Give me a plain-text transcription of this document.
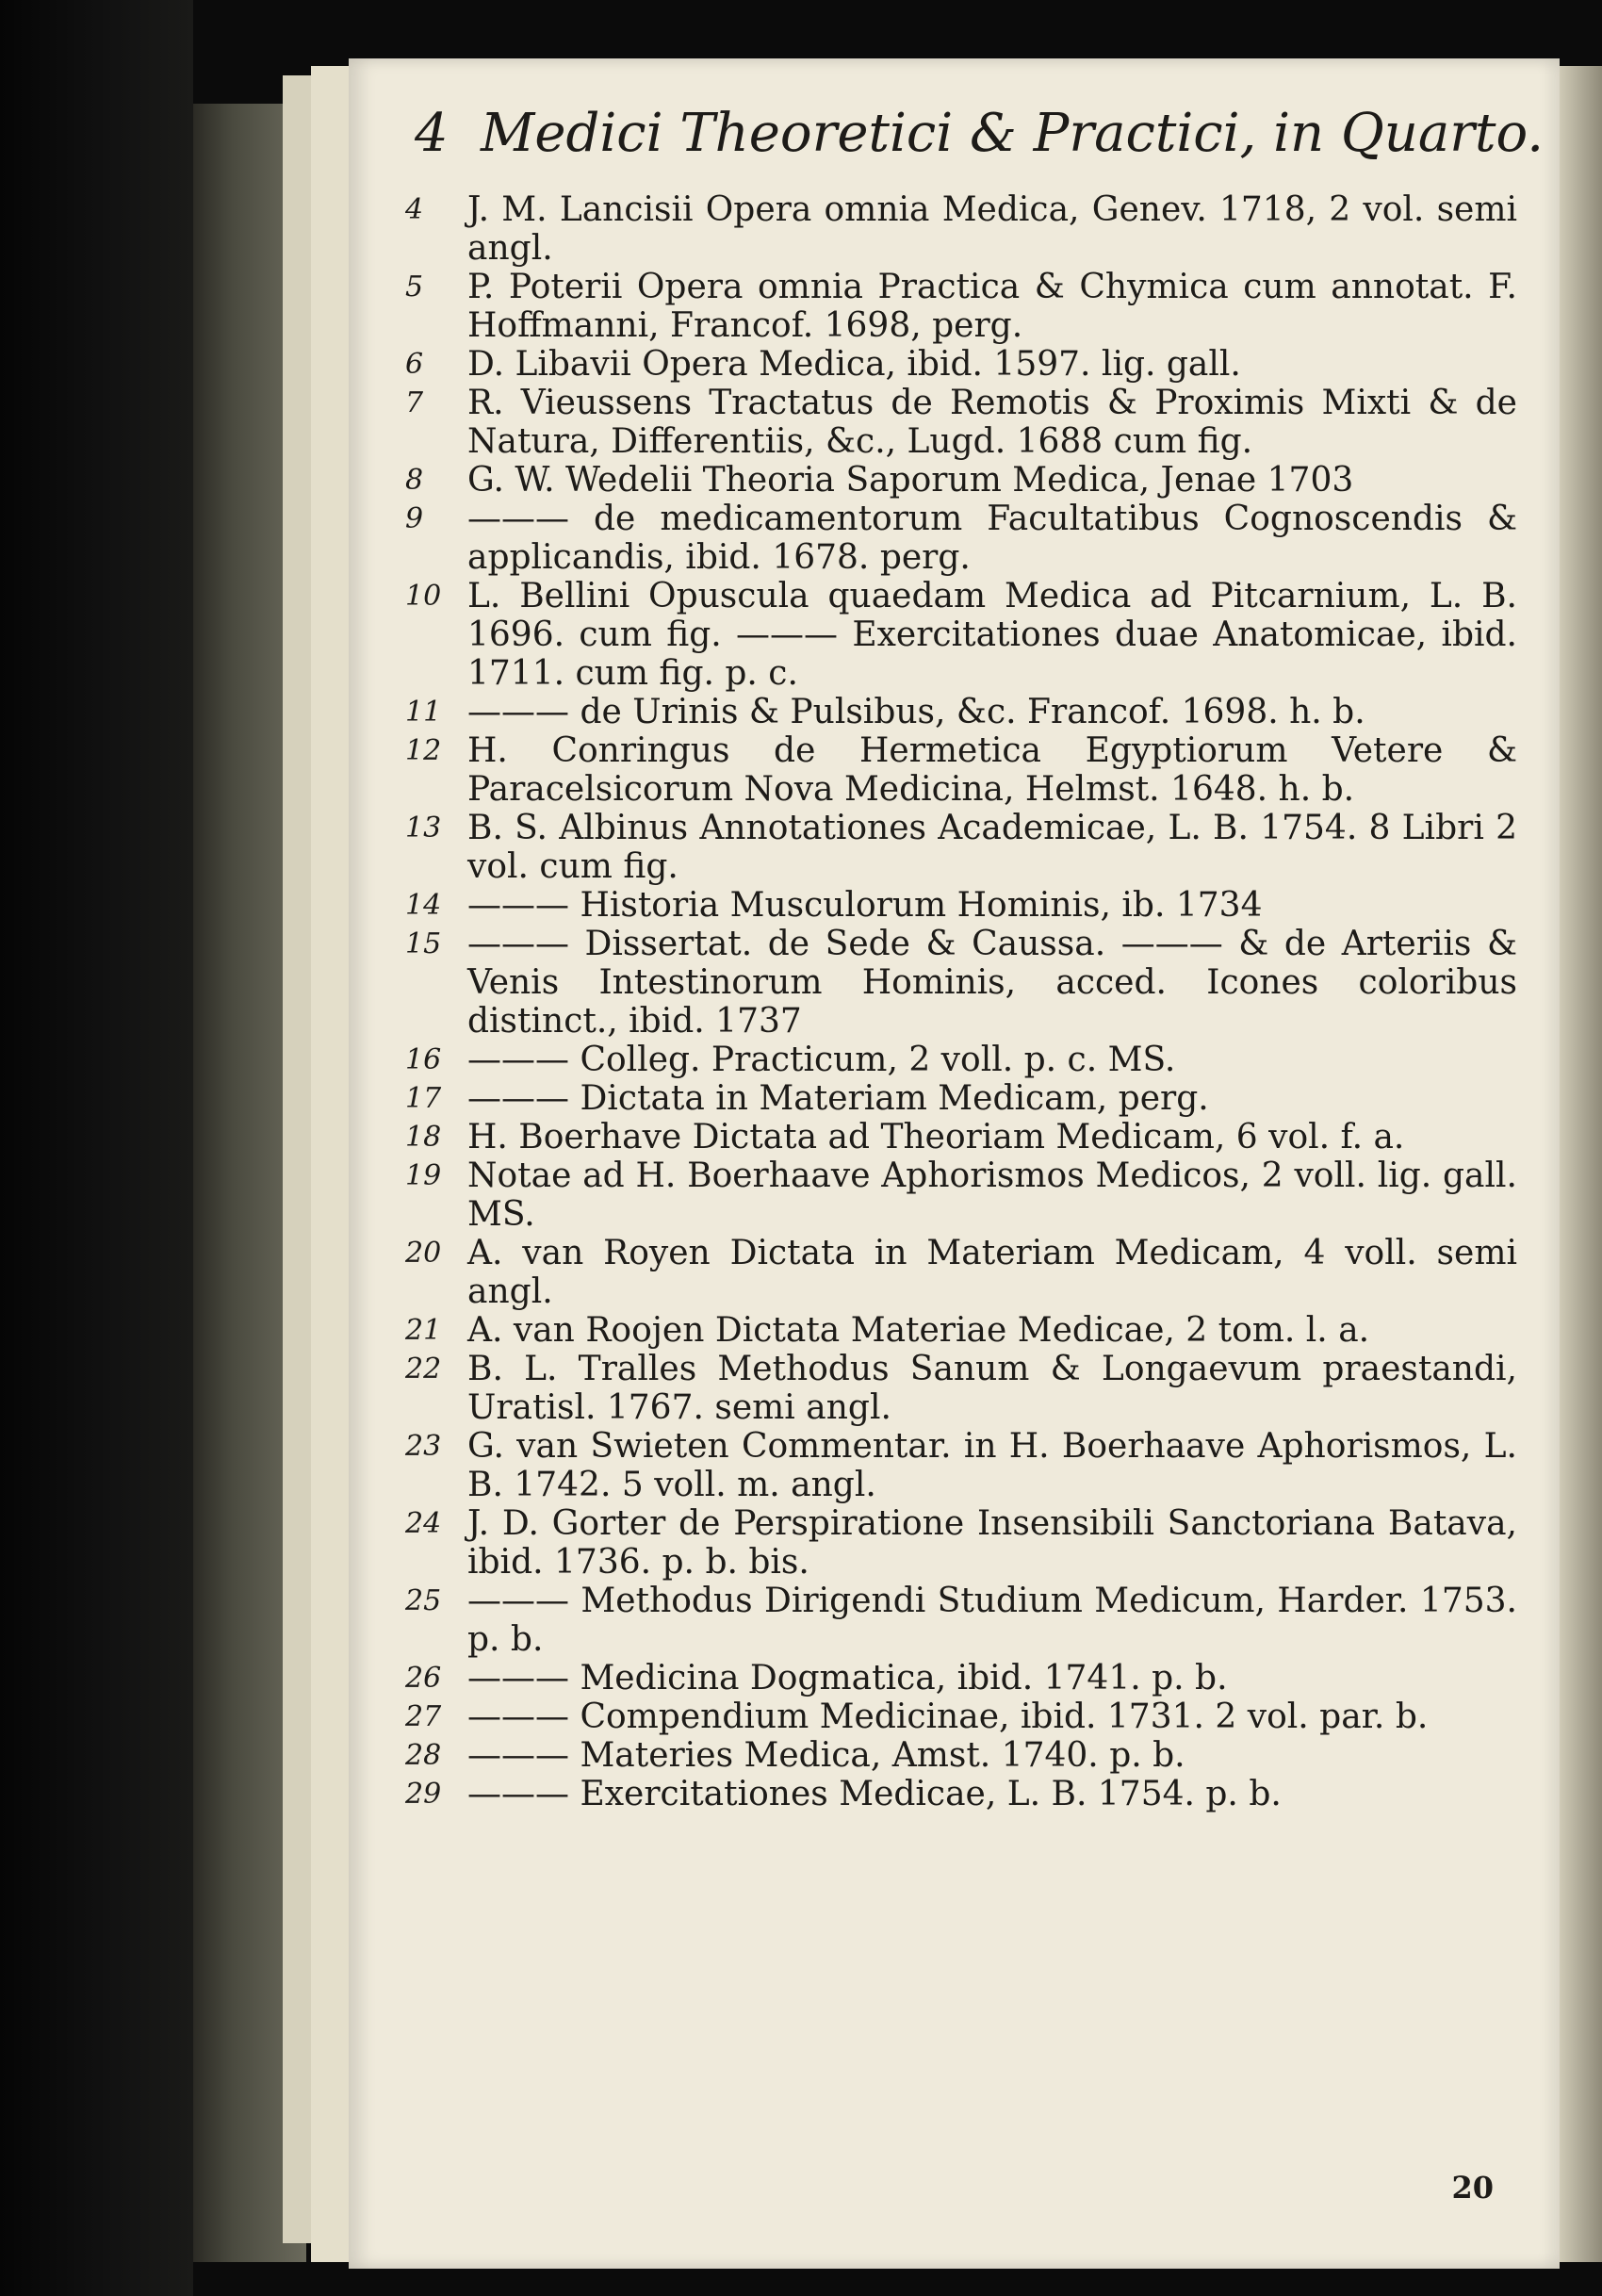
4 Medici Theoretici & Practici, in Quarto.
4	J. M. Lancisii Opera omnia Medica, Genev. 1718, 2 vol. semi angl.
5	P. Poterii Opera omnia Practica & Chymica cum annotat. F. Hoffmanni, Francof. 1698, perg.
6	D. Libavii Opera Medica, ibid. 1597. lig. gall.
7	R. Vieussens Tractatus de Remotis & Proximis Mixti & de Natura, Differentiis, &c., Lugd. 1688 cum fig.
8	G. W. Wedelii Theoria Saporum Medica, Jenae 1703
9	——— de medicamentorum Facultatibus Cognoscendis & applicandis, ibid. 1678. perg.
10 L. Bellini Opuscula quaedam Medica ad Pitcarnium, L. B. 1696. cum fig. ——— Exercitationes duae Anatomicae, ibid. 1711. cum fig. p. c.
11 ——— de Urinis & Pulsibus, &c. Francof. 1698. h. b.
12 H. Conringus de Hermetica Egyptiorum Vetere & Paracelsicorum Nova Medicina, Helmst. 1648. h. b.
13 B. S. Albinus Annotationes Academicae, L. B. 1754. 8 Libri 2 vol. cum fig.
14 ——— Historia Musculorum Hominis, ib. 1734
15 ——— Dissertat. de Sede & Caussa. ——— & de Arteriis & Venis Intestinorum Hominis, acced. Icones coloribus distinct., ibid. 1737
16 ——— Colleg. Practicum, 2 voll. p. c. MS.
17 ——— Dictata in Materiam Medicam, perg.
18 H. Boerhave Dictata ad Theoriam Medicam, 6 vol. f. a.
19 Notae ad H. Boerhaave Aphorismos Medicos, 2 voll. lig. gall. MS.
20 A. van Royen Dictata in Materiam Medicam, 4 voll. semi angl.
21 A. van Roojen Dictata Materiae Medicae, 2 tom. l. a.
22 B. L. Tralles Methodus Sanum & Longaevum praestandi, Uratisl. 1767. semi angl.
23 G. van Swieten Commentar. in H. Boerhaave Aphorismos, L. B. 1742. 5 voll. m. angl.
24 J. D. Gorter de Perspiratione Insensibili Sanctoriana Batava, ibid. 1736. p. b. bis.
25 ——— Methodus Dirigendi Studium Medicum, Harder. 1753. p. b.
26 ——— Medicina Dogmatica, ibid. 1741. p. b.
27 ——— Compendium Medicinae, ibid. 1731. 2 vol. par. b.
28 ——— Materies Medica, Amst. 1740. p. b.
29 ——— Exercitationes Medicae, L. B. 1754. p. b.
20
